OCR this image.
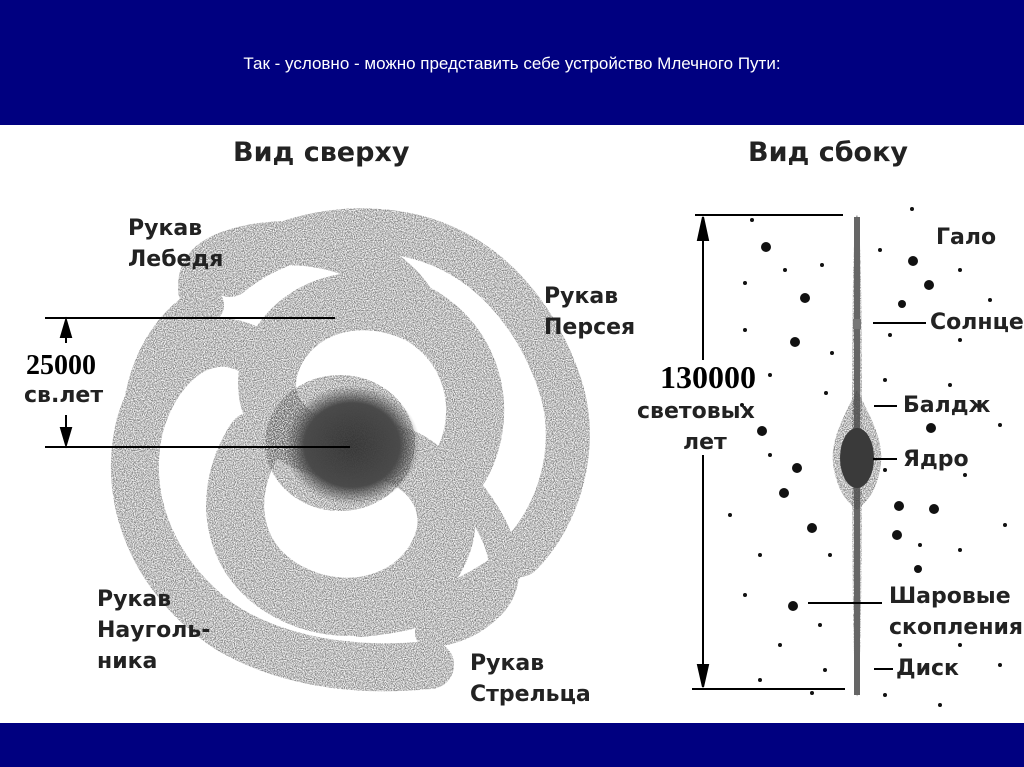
Так - условно - можно представить себе устройство Млечного Пути:
Вид сверху
Рукав
Лебедя
Рукав
Персея
Рукав
Науголь-
ника	Рукав
Стрельца
25000
св.лет
Вид сбоку
130000
световых
лет
Гало
Солнце
Балдж
Ядро
Шаровые
скопления
Диск
